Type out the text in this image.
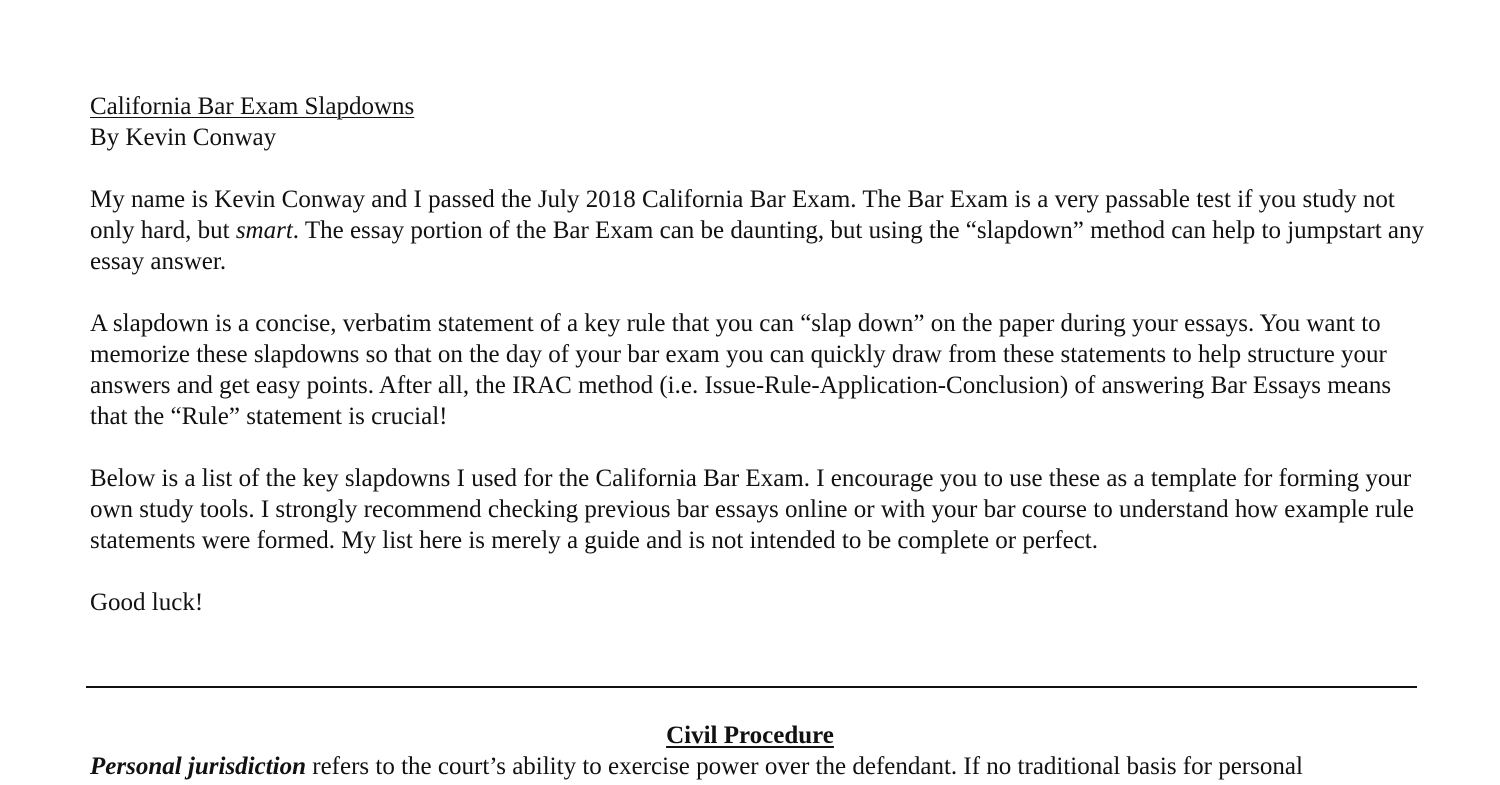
California Bar Exam Slapdowns
By Kevin Conway

My name is Kevin Conway and I passed the July 2018 California Bar Exam. The Bar Exam is a very passable test if you study not only hard, but smart. The essay portion of the Bar Exam can be daunting, but using the “slapdown” method can help to jumpstart any essay answer.

A slapdown is a concise, verbatim statement of a key rule that you can “slap down” on the paper during your essays. You want to memorize these slapdowns so that on the day of your bar exam you can quickly draw from these statements to help structure your answers and get easy points. After all, the IRAC method (i.e. Issue-Rule-Application-Conclusion) of answering Bar Essays means that the “Rule” statement is crucial!

Below is a list of the key slapdowns I used for the California Bar Exam. I encourage you to use these as a template for forming your own study tools. I strongly recommend checking previous bar essays online or with your bar course to understand how example rule statements were formed. My list here is merely a guide and is not intended to be complete or perfect.

Good luck!

Civil Procedure
Personal jurisdiction refers to the court’s ability to exercise power over the defendant. If no traditional basis for personal
